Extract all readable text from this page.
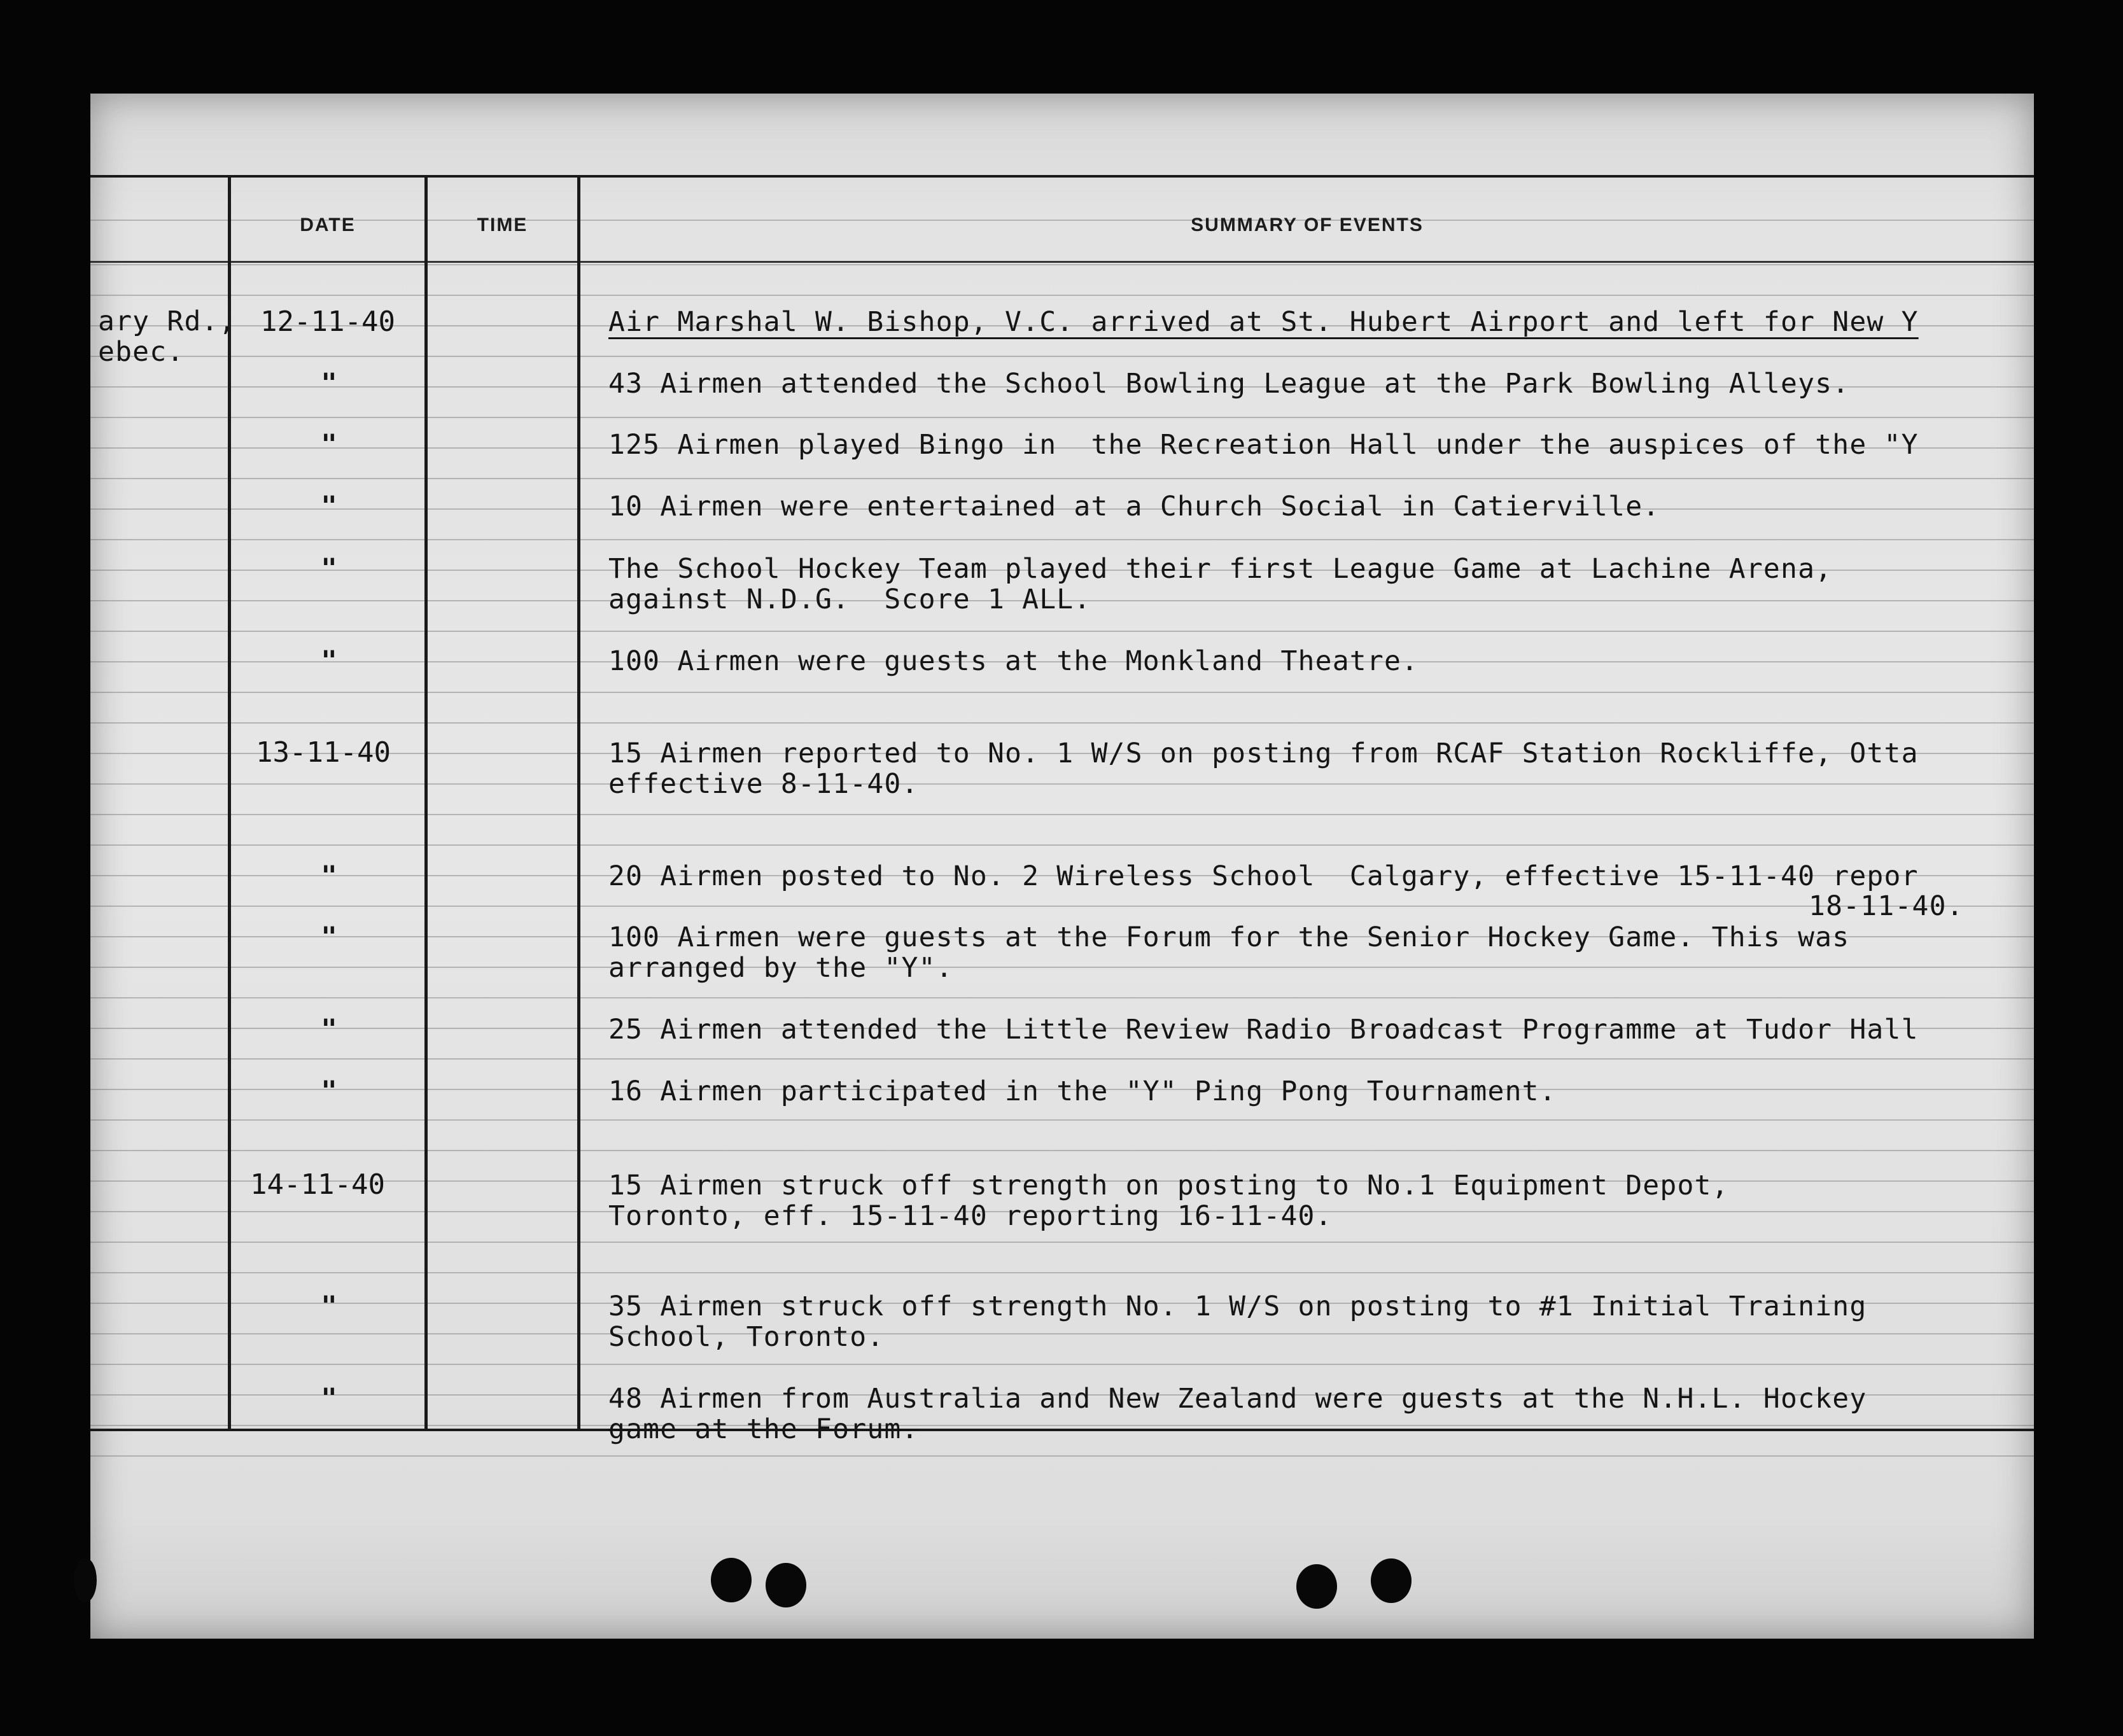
DATE	TIME	SUMMARY OF EVENTS
ary Rd.,
ebec.
12-11-40
"
"
"
"
"
13-11-40
"
"
"
"
14-11-40
"
"
Air Marshal W. Bishop, V.C. arrived at St. Hubert Airport and left for New Y
43 Airmen attended the School Bowling League at the Park Bowling Alleys.
125 Airmen played Bingo in  the Recreation Hall under the auspices of the "Y
10 Airmen were entertained at a Church Social in Catierville.
The School Hockey Team played their first League Game at Lachine Arena,
against N.D.G.  Score 1 ALL.
100 Airmen were guests at the Monkland Theatre.
15 Airmen reported to No. 1 W/S on posting from RCAF Station Rockliffe, Otta
effective 8-11-40.
20 Airmen posted to No. 2 Wireless School  Calgary, effective 15-11-40 repor
18-11-40.
100 Airmen were guests at the Forum for the Senior Hockey Game. This was
arranged by the "Y".
25 Airmen attended the Little Review Radio Broadcast Programme at Tudor Hall
16 Airmen participated in the "Y" Ping Pong Tournament.
15 Airmen struck off strength on posting to No.1 Equipment Depot,
Toronto, eff. 15-11-40 reporting 16-11-40.
35 Airmen struck off strength No. 1 W/S on posting to #1 Initial Training
School, Toronto.
48 Airmen from Australia and New Zealand were guests at the N.H.L. Hockey
game at the Forum.
